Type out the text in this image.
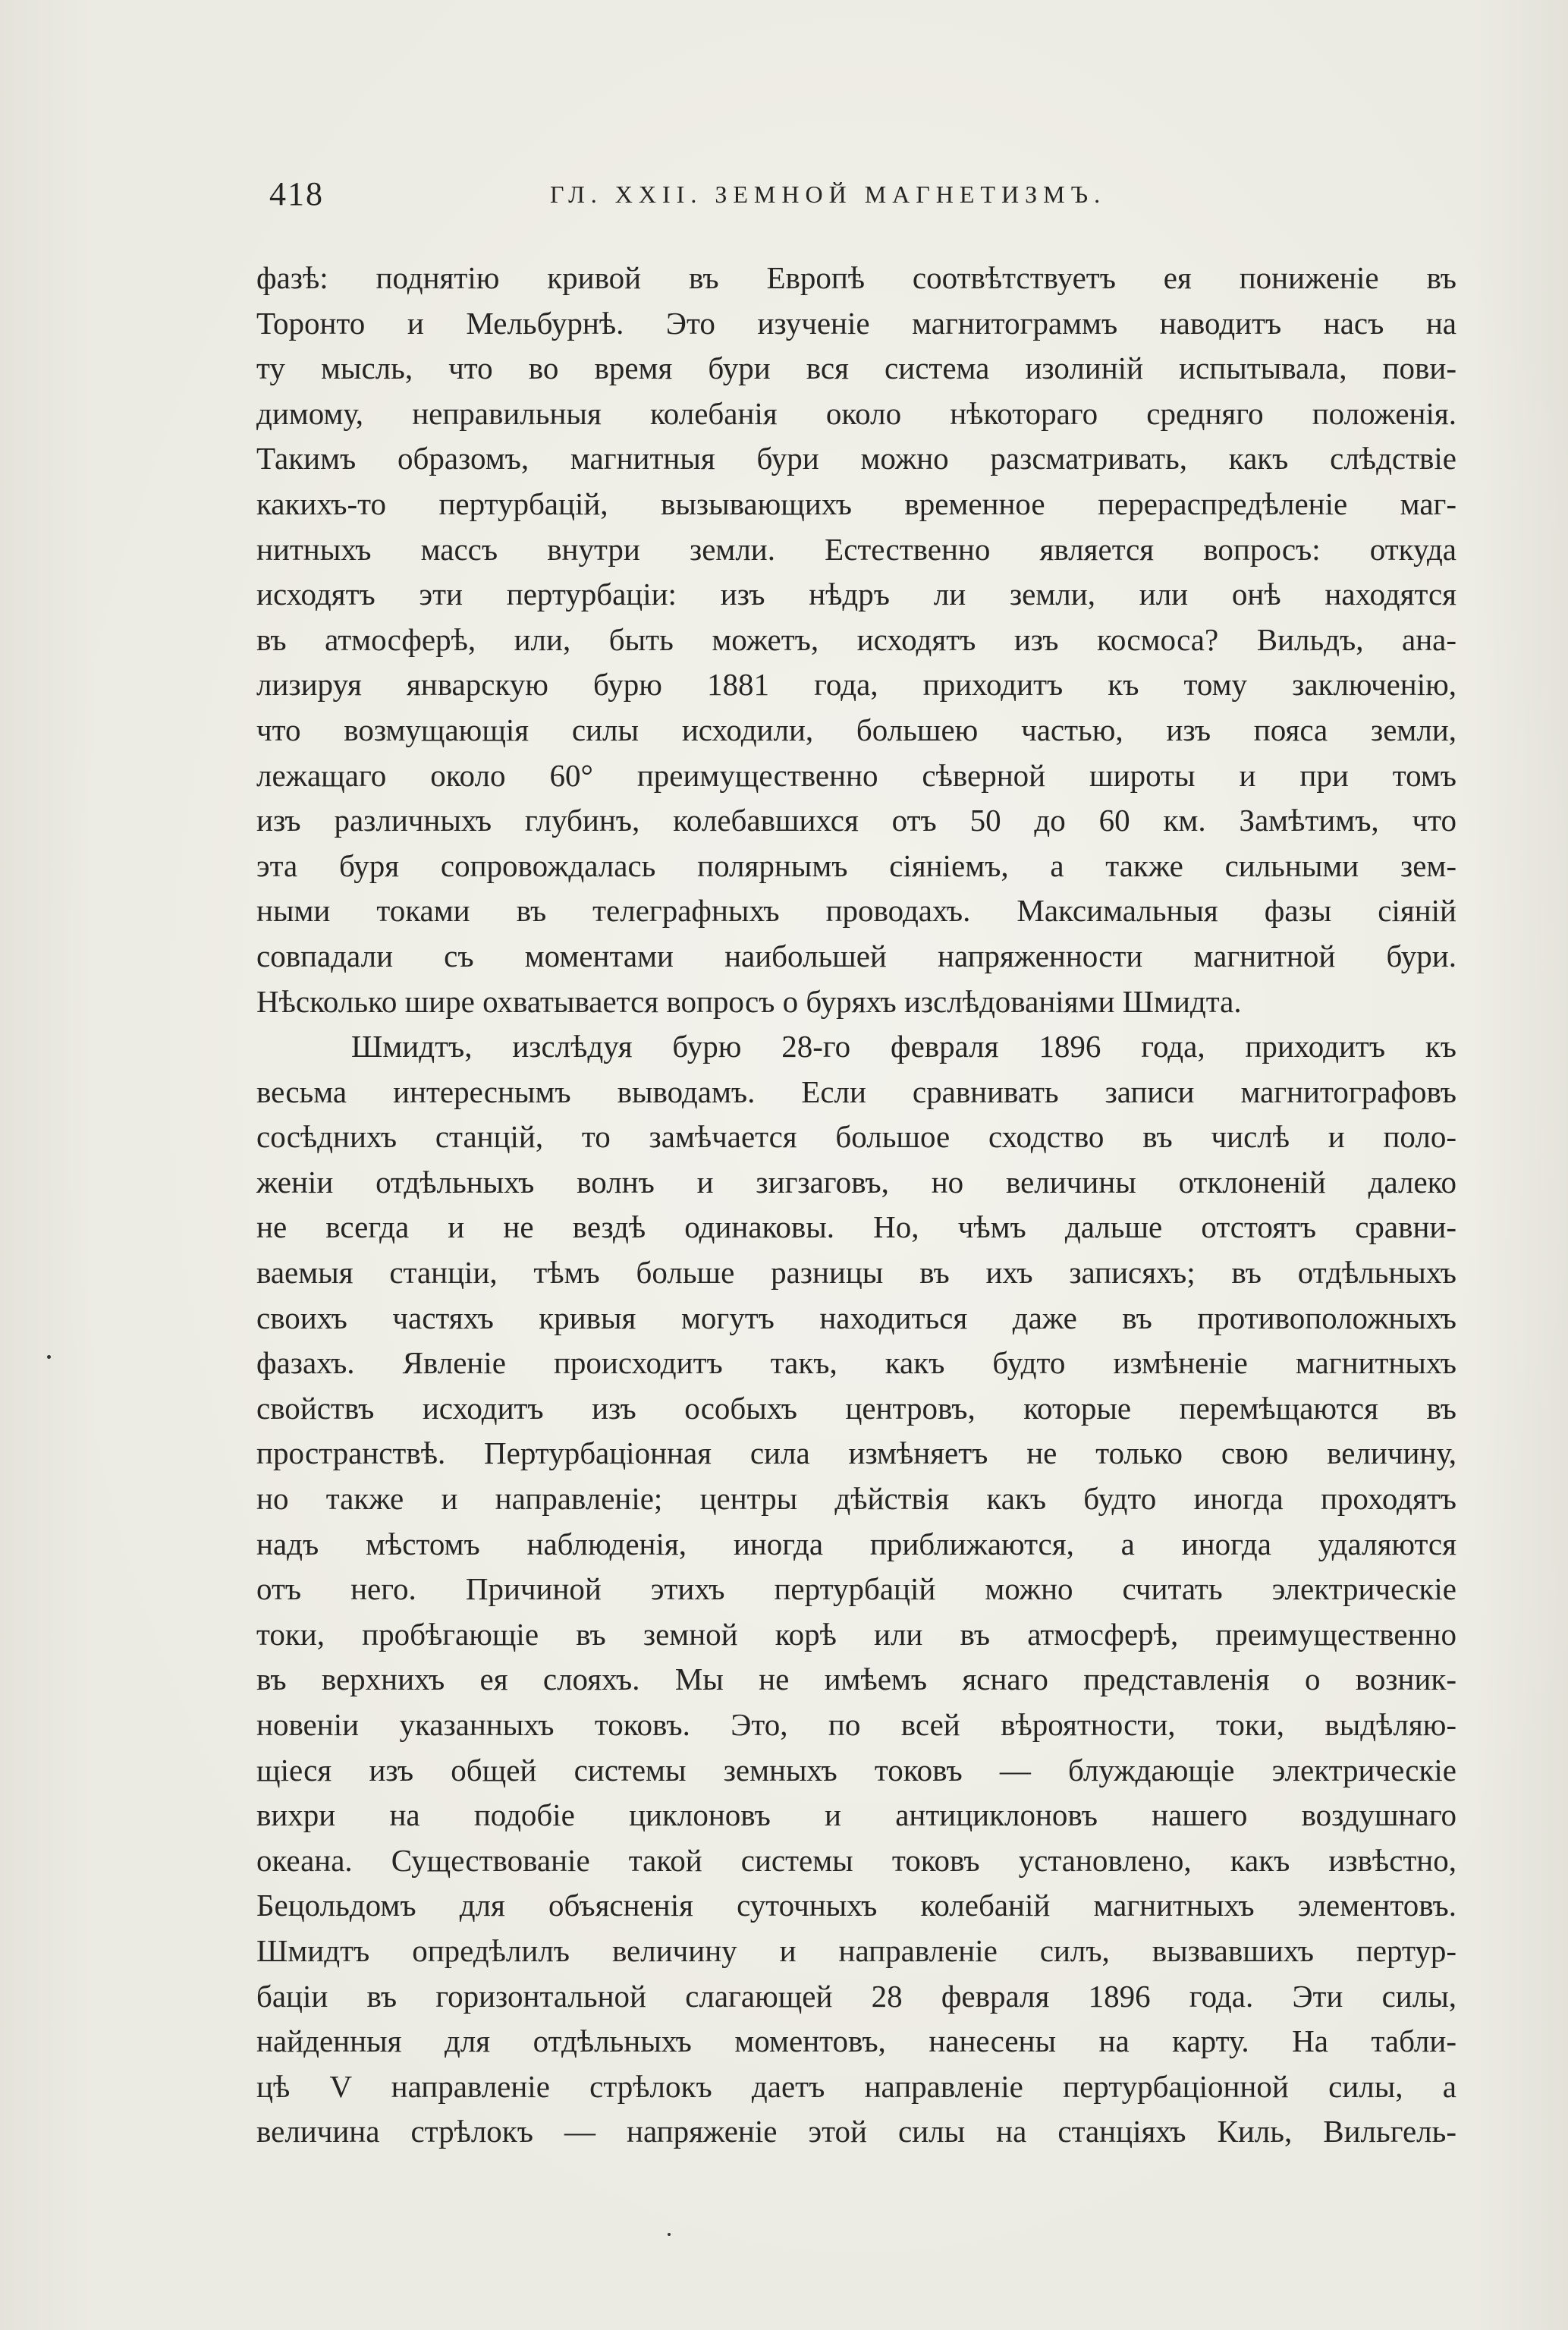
418	ГЛ. XXII. ЗЕМНОЙ МАГНЕТИЗМЪ.
фазѣ: поднятію кривой въ Европѣ соотвѣтствуетъ ея пониженіе въ
Торонто и Мельбурнѣ. Это изученіе магнитограммъ наводитъ насъ на
ту мысль, что во время бури вся система изолиній испытывала, пови-
димому, неправильныя колебанія около нѣкотораго средняго положенія.
Такимъ образомъ, магнитныя бури можно разсматривать, какъ слѣдствіе
какихъ-то пертурбацій, вызывающихъ временное перераспредѣленіе маг-
нитныхъ массъ внутри земли. Естественно является вопросъ: откуда
исходятъ эти пертурбаціи: изъ нѣдръ ли земли, или онѣ находятся
въ атмосферѣ, или, быть можетъ, исходятъ изъ космоса? Вильдъ, ана-
лизируя январскую бурю 1881 года, приходитъ къ тому заключенію,
что возмущающія силы исходили, большею частью, изъ пояса земли,
лежащаго около 60° преимущественно сѣверной широты и при томъ
изъ различныхъ глубинъ, колебавшихся отъ 50 до 60 км. Замѣтимъ, что
эта буря сопровождалась полярнымъ сіяніемъ, а также сильными зем-
ными токами въ телеграфныхъ проводахъ. Максимальныя фазы сіяній
совпадали съ моментами наибольшей напряженности магнитной бури.
Нѣсколько шире охватывается вопросъ о буряхъ изслѣдованіями Шмидта.
Шмидтъ, изслѣдуя бурю 28-го февраля 1896 года, приходитъ къ
весьма интереснымъ выводамъ. Если сравнивать записи магнитографовъ
сосѣднихъ станцій, то замѣчается большое сходство въ числѣ и поло-
женіи отдѣльныхъ волнъ и зигзаговъ, но величины отклоненій далеко
не всегда и не вездѣ одинаковы. Но, чѣмъ дальше отстоятъ сравни-
ваемыя станціи, тѣмъ больше разницы въ ихъ записяхъ; въ отдѣльныхъ
своихъ частяхъ кривыя могутъ находиться даже въ противоположныхъ
фазахъ. Явленіе происходитъ такъ, какъ будто измѣненіе магнитныхъ
свойствъ исходитъ изъ особыхъ центровъ, которые перемѣщаются въ
пространствѣ. Пертурбаціонная сила измѣняетъ не только свою величину,
но также и направленіе; центры дѣйствія какъ будто иногда проходятъ
надъ мѣстомъ наблюденія, иногда приближаются, а иногда удаляются
отъ него. Причиной этихъ пертурбацій можно считать электрическіе
токи, пробѣгающіе въ земной корѣ или въ атмосферѣ, преимущественно
въ верхнихъ ея слояхъ. Мы не имѣемъ яснаго представленія о возник-
новеніи указанныхъ токовъ. Это, по всей вѣроятности, токи, выдѣляю-
щіеся изъ общей системы земныхъ токовъ — блуждающіе электрическіе
вихри на подобіе циклоновъ и антициклоновъ нашего воздушнаго
океана. Существованіе такой системы токовъ установлено, какъ извѣстно,
Бецольдомъ для объясненія суточныхъ колебаній магнитныхъ элементовъ.
Шмидтъ опредѣлилъ величину и направленіе силъ, вызвавшихъ пертур-
баціи въ горизонтальной слагающей 28 февраля 1896 года. Эти силы,
найденныя для отдѣльныхъ моментовъ, нанесены на карту. На табли-
цѣ V направленіе стрѣлокъ даетъ направленіе пертурбаціонной силы, а
величина стрѣлокъ — напряженіе этой силы на станціяхъ Киль, Вильгель-
